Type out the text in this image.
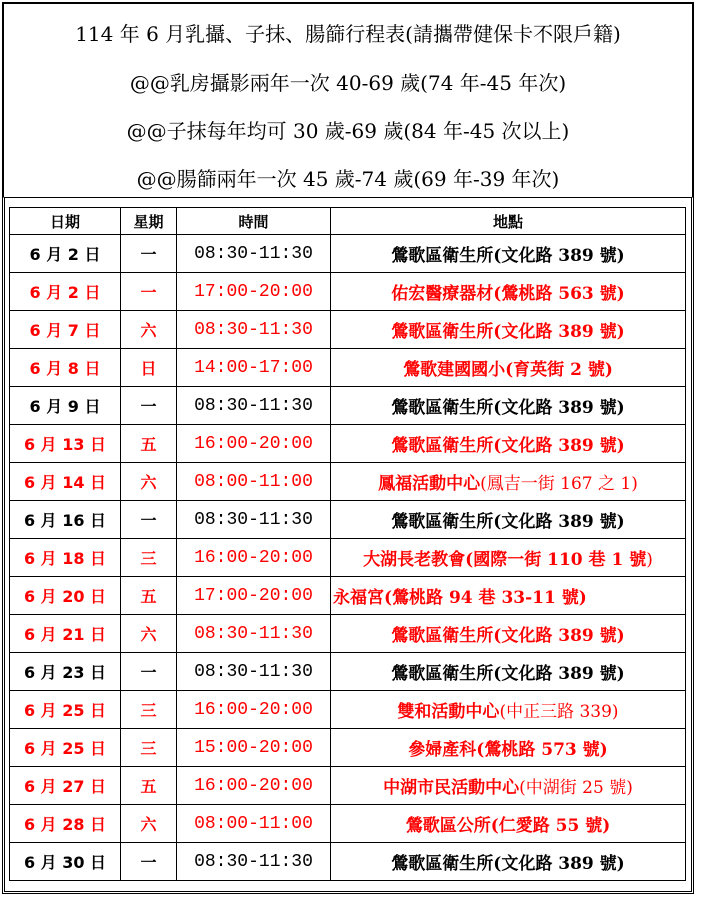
114 年 6 月乳攝、子抹、腸篩行程表(請攜帶健保卡不限戶籍)
@@乳房攝影兩年一次 40-69 歲(74 年-45 年次)
@@子抹每年均可 30 歲-69 歲(84 年-45 次以上)
@@腸篩兩年一次 45 歲-74 歲(69 年-39 年次)
日期	星期	時間	地點
6 月 2 日	一	08:30-11:30	鶯歌區衛生所(文化路 389 號)
6 月 2 日	一	17:00-20:00	佑宏醫療器材(鶯桃路 563 號)
6 月 7 日	六	08:30-11:30	鶯歌區衛生所(文化路 389 號)
6 月 8 日	日	14:00-17:00	鶯歌建國國小(育英街 2 號)
6 月 9 日	一	08:30-11:30	鶯歌區衛生所(文化路 389 號)
6 月 13 日	五	16:00-20:00	鶯歌區衛生所(文化路 389 號)
6 月 14 日	六	08:00-11:00	鳳福活動中心(鳳吉一街 167 之 1)
6 月 16 日	一	08:30-11:30	鶯歌區衛生所(文化路 389 號)
6 月 18 日	三	16:00-20:00	大湖長老教會(國際一街 110 巷 1 號)
6 月 20 日	五	17:00-20:00	永福宮(鶯桃路 94 巷 33-11 號)
6 月 21 日	六	08:30-11:30	鶯歌區衛生所(文化路 389 號)
6 月 23 日	一	08:30-11:30	鶯歌區衛生所(文化路 389 號)
6 月 25 日	三	16:00-20:00	雙和活動中心(中正三路 339)
6 月 25 日	三	15:00-20:00	參婦產科(鶯桃路 573 號)
6 月 27 日	五	16:00-20:00	中湖市民活動中心(中湖街 25 號)
6 月 28 日	六	08:00-11:00	鶯歌區公所(仁愛路 55 號)
6 月 30 日	一	08:30-11:30	鶯歌區衛生所(文化路 389 號)
